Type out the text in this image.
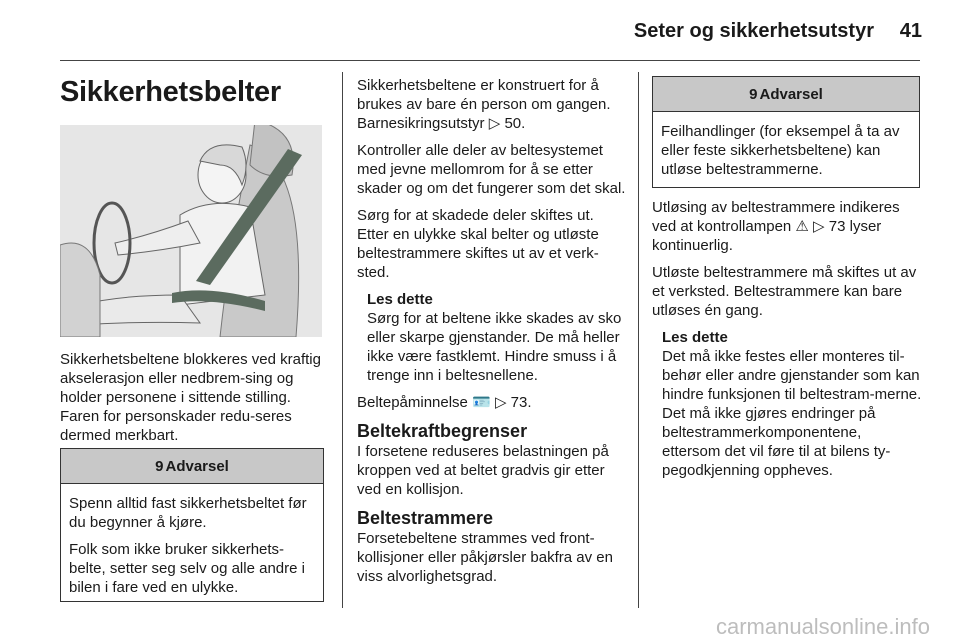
Seter og sikkerhetsutstyr 41
Sikkerhetsbelter

Sikkerhetsbeltene blokkeres ved kraftig akselerasjon eller nedbrem-sing og holder personene i sittende stilling. Faren for personskader redu-seres dermed merkbart.

9 Advarsel

Spenn alltid fast sikkerhetsbeltet før du begynner å kjøre.

Folk som ikke bruker sikkerhets-belte, setter seg selv og alle andre i bilen i fare ved en ulykke.

Sikkerhetsbeltene er konstruert for å brukes av bare én person om gangen. Barnesikringsutstyr ▷ 50.

Kontroller alle deler av beltesystemet med jevne mellomrom for å se etter skader og om det fungerer som det skal.

Sørg for at skadede deler skiftes ut. Etter en ulykke skal belter og utløste beltestrammere skiftes ut av et verk-sted.

Les dette

Sørg for at beltene ikke skades av sko eller skarpe gjenstander. De må heller ikke være fastklemt. Hindre smuss i å trenge inn i beltesnellene.

Beltepåminnelse 🪪 ▷ 73.

Beltekraftbegrenser

I forsetene reduseres belastningen på kroppen ved at beltet gradvis gir etter ved en kollisjon.

Beltestrammere

Forsetebeltene strammes ved front-kollisjoner eller påkjørsler bakfra av en viss alvorlighetsgrad.

9 Advarsel

Feilhandlinger (for eksempel å ta av eller feste sikkerhetsbeltene) kan utløse beltestrammerne.

Utløsing av beltestrammere indikeres ved at kontrollampen ⚠ ▷ 73 lyser kontinuerlig.

Utløste beltestrammere må skiftes ut av et verksted. Beltestrammere kan bare utløses én gang.

Les dette

Det må ikke festes eller monteres til-behør eller andre gjenstander som kan hindre funksjonen til beltestram-merne. Det må ikke gjøres endringer på beltestrammerkomponentene, ettersom det vil føre til at bilens ty-pegodkjenning oppheves.

carmanualsonline.info
